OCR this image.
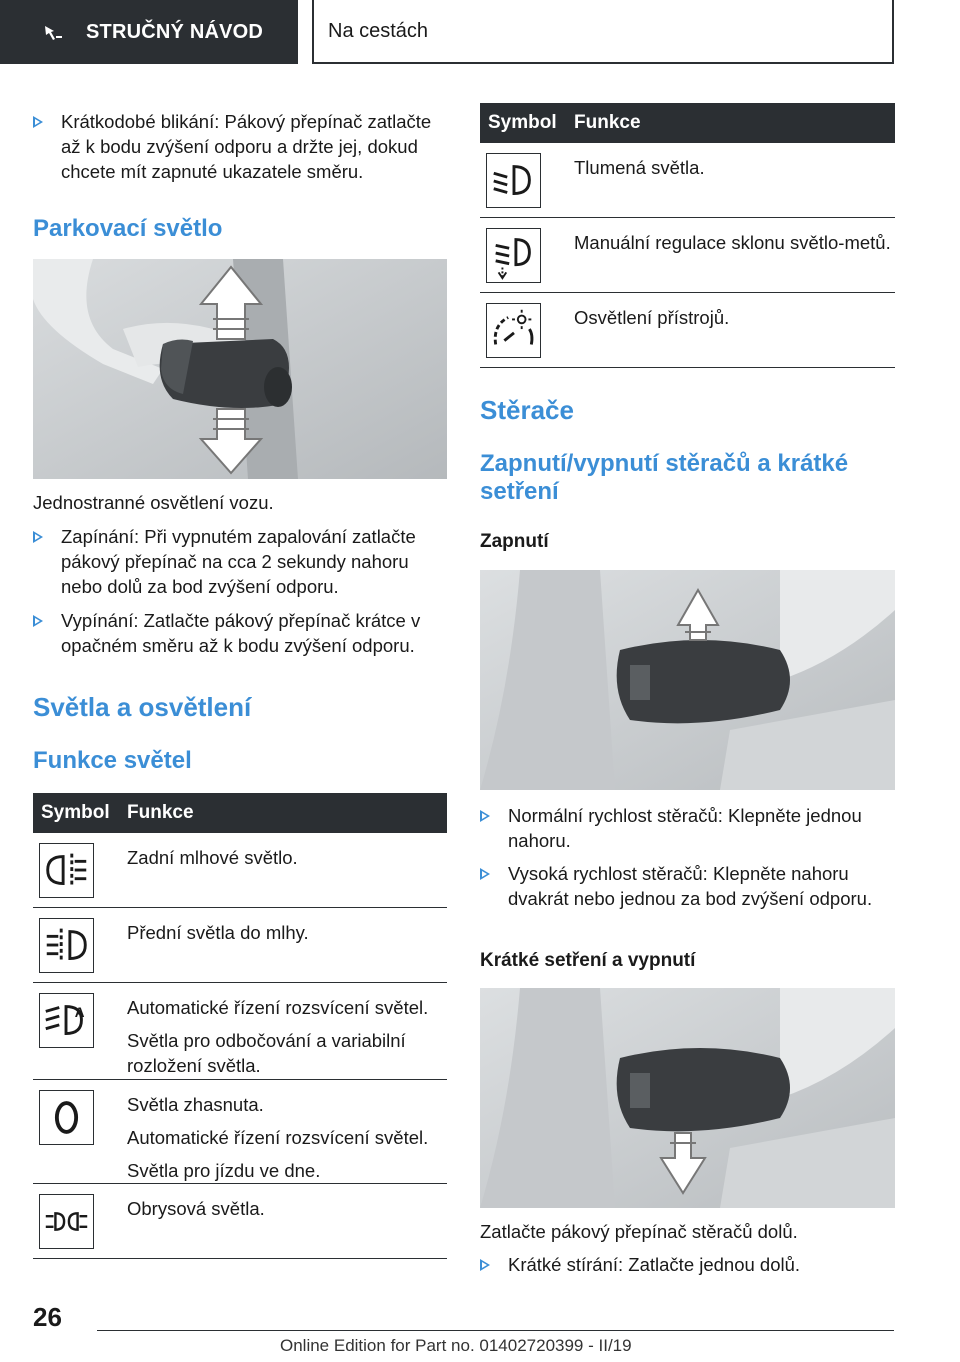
STRUČNÝ NÁVOD	Na cestách
Krátkodobé blikání: Pákový přepínač zatlačte až k bodu zvýšení odporu a držte jej, dokud chcete mít zapnuté ukazatele směru.
Parkovací světlo
Jednostranné osvětlení vozu.
Zapínání: Při vypnutém zapalování zatlačte pákový přepínač na cca 2 sekundy nahoru nebo dolů za bod zvýšení odporu.
Vypínání: Zatlačte pákový přepínač krátce v opačném směru až k bodu zvýšení odporu.
Světla a osvětlení
Funkce světel
Symbol Funkce
Zadní mlhové světlo.
Přední světla do mlhy.
A Automatické řízení rozsvícení světel.
Světla pro odbočování a variabilní rozložení světla.
Světla zhasnuta.
Automatické řízení rozsvícení světel.
Světla pro jízdu ve dne.
Obrysová světla.
Symbol Funkce
Tlumená světla.
Manuální regulace sklonu světlo-metů.
Osvětlení přístrojů.
Stěrače
Zapnutí/vypnutí stěračů a krátké setření
Zapnutí
Normální rychlost stěračů: Klepněte jednou nahoru.
Vysoká rychlost stěračů: Klepněte nahoru dvakrát nebo jednou za bod zvýšení odporu.
Krátké setření a vypnutí
Zatlačte pákový přepínač stěračů dolů.
Krátké stírání: Zatlačte jednou dolů.
26
Online Edition for Part no. 01402720399 - II/19
